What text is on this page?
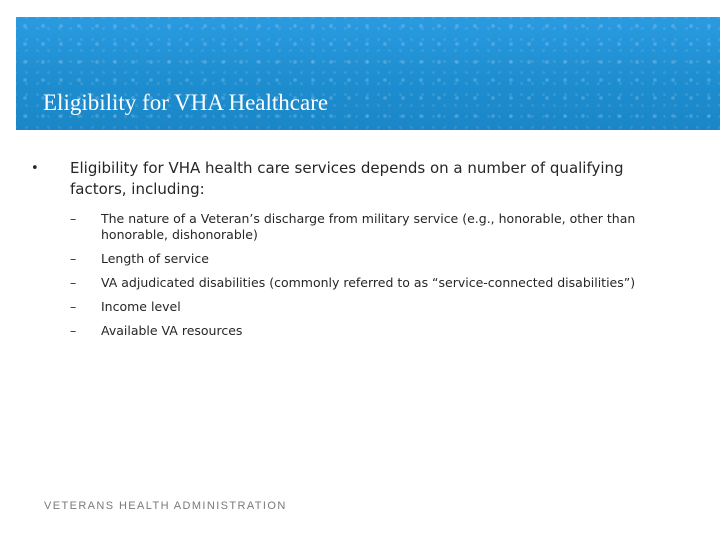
Eligibility for VHA Healthcare
•	Eligibility for VHA health care services depends on a number of qualifying factors, including:
–	The nature of a Veteran’s discharge from military service (e.g., honorable, other than honorable, dishonorable)
–	Length of service
–	VA adjudicated disabilities (commonly referred to as “service-connected disabilities”)
–	Income level
–	Available VA resources
VETERANS HEALTH ADMINISTRATION
